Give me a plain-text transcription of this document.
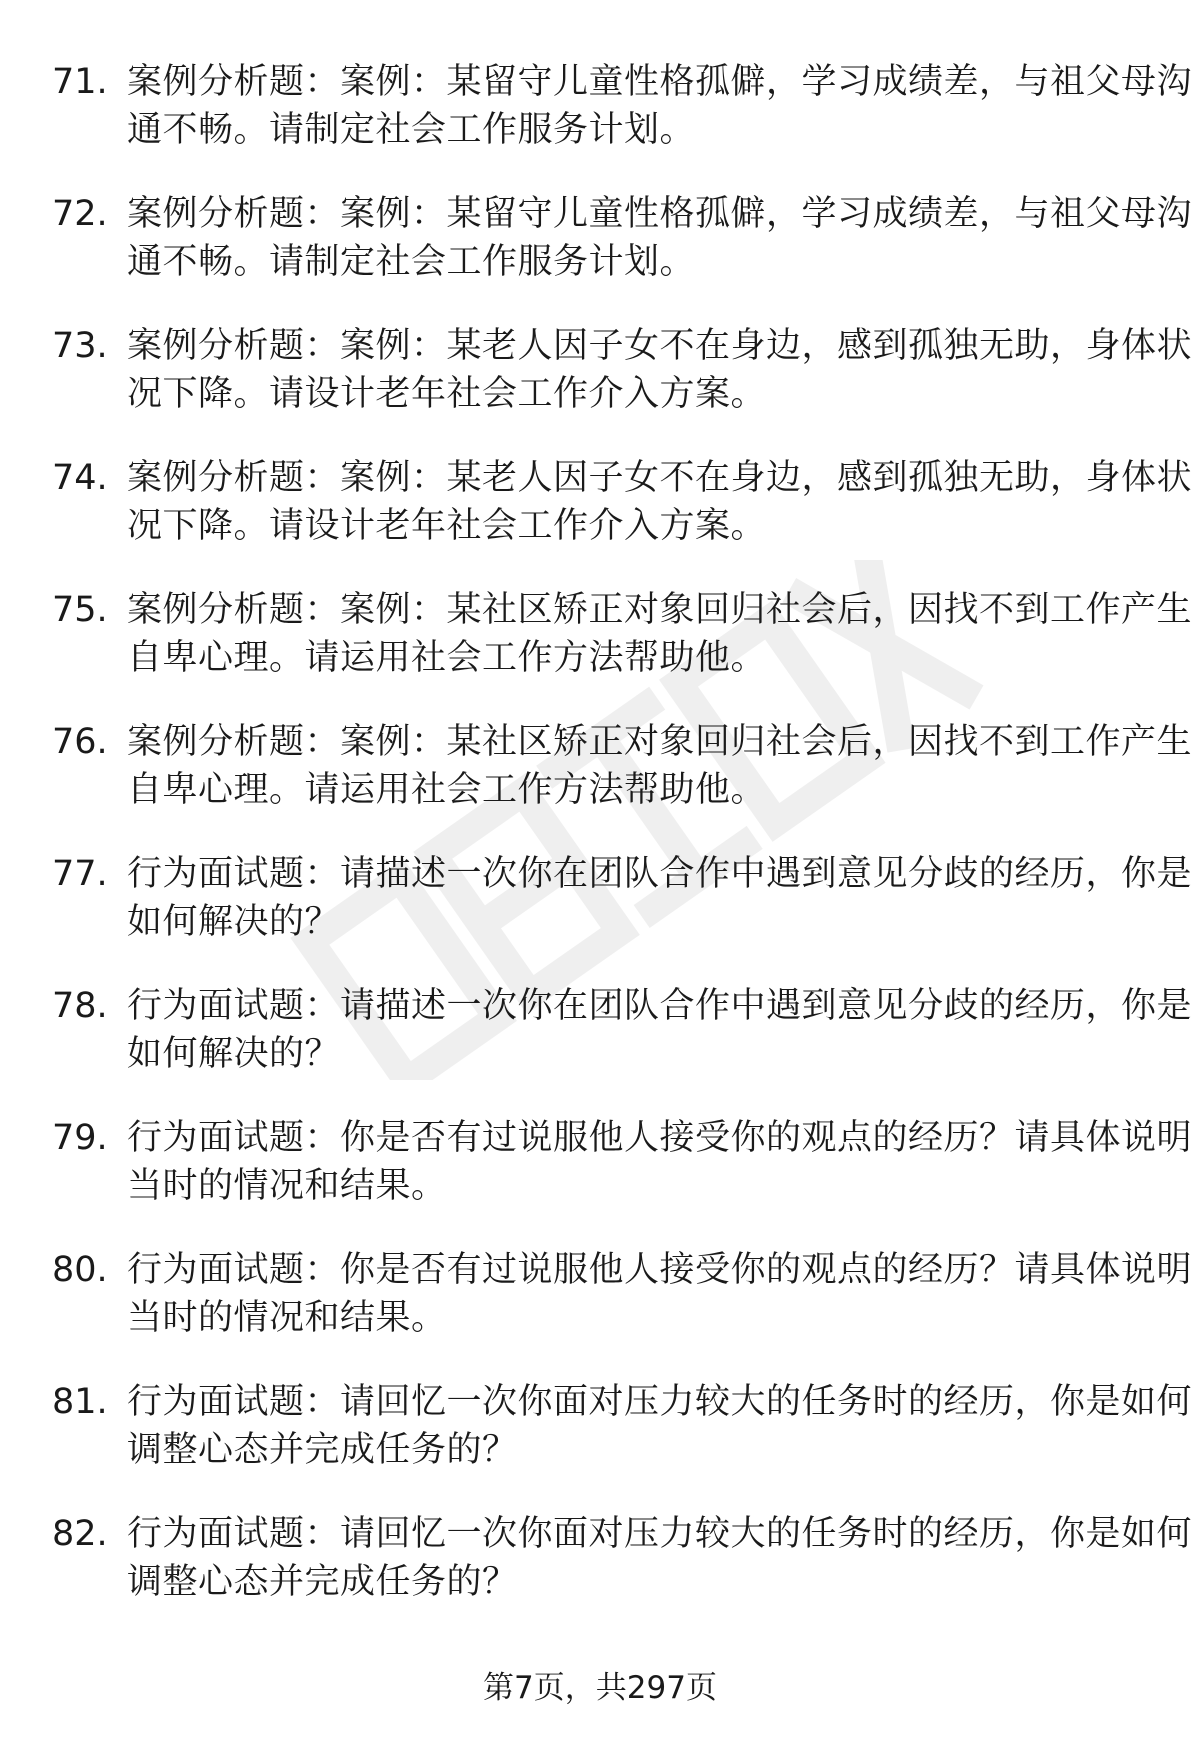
71. 案例分析题：案例：某留守儿童性格孤僻，学习成绩差，与祖父母沟通不畅。请制定社会工作服务计划。
72. 案例分析题：案例：某留守儿童性格孤僻，学习成绩差，与祖父母沟通不畅。请制定社会工作服务计划。
73. 案例分析题：案例：某老人因子女不在身边，感到孤独无助，身体状况下降。请设计老年社会工作介入方案。
74. 案例分析题：案例：某老人因子女不在身边，感到孤独无助，身体状况下降。请设计老年社会工作介入方案。
75. 案例分析题：案例：某社区矫正对象回归社会后，因找不到工作产生自卑心理。请运用社会工作方法帮助他。
76. 案例分析题：案例：某社区矫正对象回归社会后，因找不到工作产生自卑心理。请运用社会工作方法帮助他。
77. 行为面试题：请描述一次你在团队合作中遇到意见分歧的经历，你是如何解决的？
78. 行为面试题：请描述一次你在团队合作中遇到意见分歧的经历，你是如何解决的？
79. 行为面试题：你是否有过说服他人接受你的观点的经历？请具体说明当时的情况和结果。
80. 行为面试题：你是否有过说服他人接受你的观点的经历？请具体说明当时的情况和结果。
81. 行为面试题：请回忆一次你面对压力较大的任务时的经历，你是如何调整心态并完成任务的？
82. 行为面试题：请回忆一次你面对压力较大的任务时的经历，你是如何调整心态并完成任务的？
第7页，共297页
